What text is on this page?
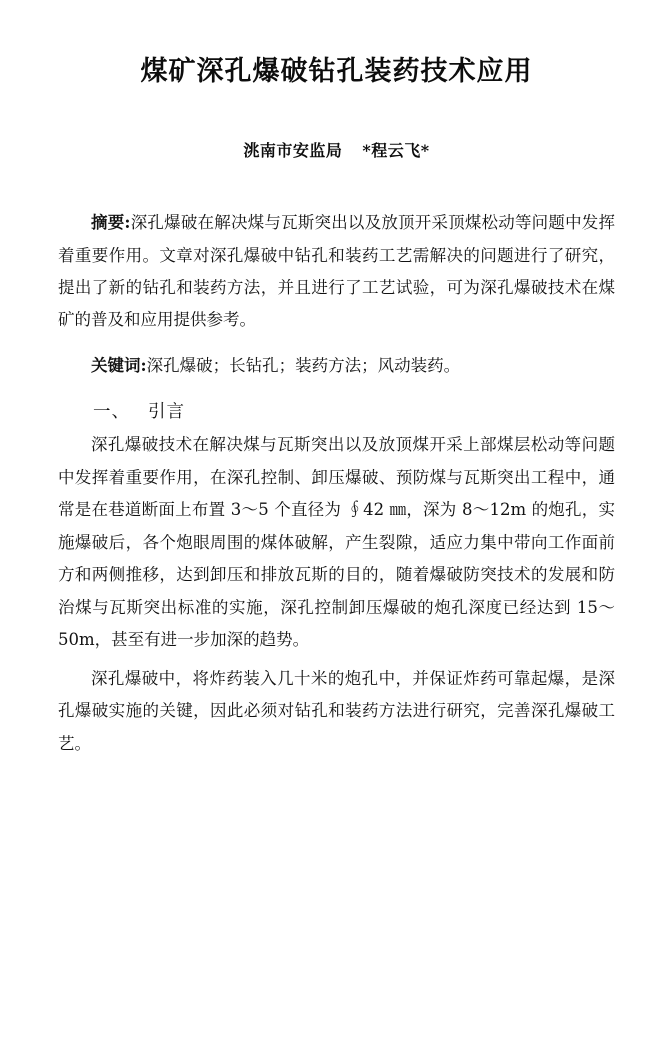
煤矿深孔爆破钻孔装药技术应用
洮南市安监局 *程云飞*
摘要:深孔爆破在解决煤与瓦斯突出以及放顶开采顶煤松动等问题中发挥着重要作用。文章对深孔爆破中钻孔和装药工艺需解决的问题进行了研究，提出了新的钻孔和装药方法，并且进行了工艺试验，可为深孔爆破技术在煤矿的普及和应用提供参考。
关键词:深孔爆破；长钻孔；装药方法；风动装药。
一、 引言

深孔爆破技术在解决煤与瓦斯突出以及放顶煤开采上部煤层松动等问题中发挥着重要作用，在深孔控制、卸压爆破、预防煤与瓦斯突出工程中，通常是在巷道断面上布置 3～5 个直径为 ∮42 ㎜，深为 8～12m 的炮孔，实施爆破后，各个炮眼周围的煤体破解，产生裂隙，适应力集中带向工作面前方和两侧推移，达到卸压和排放瓦斯的目的，随着爆破防突技术的发展和防治煤与瓦斯突出标准的实施，深孔控制卸压爆破的炮孔深度已经达到 15～50m，甚至有进一步加深的趋势。

深孔爆破中，将炸药装入几十米的炮孔中，并保证炸药可靠起爆，是深孔爆破实施的关键，因此必须对钻孔和装药方法进行研究，完善深孔爆破工艺。
